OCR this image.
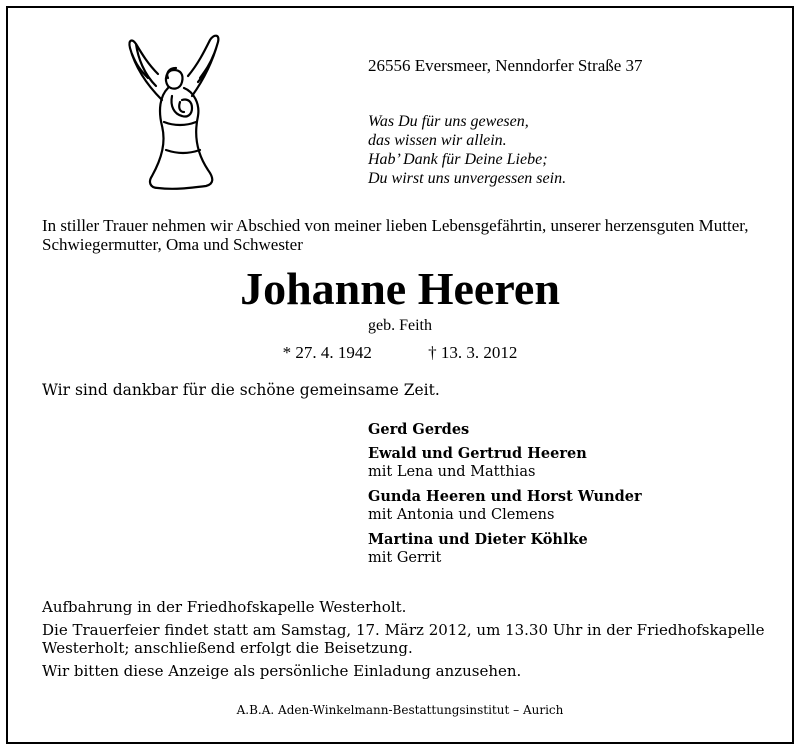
26556 Eversmeer, Nenndorfer Straße 37
Was Du für uns gewesen,
das wissen wir allein.
Hab’ Dank für Deine Liebe;
Du wirst uns unvergessen sein.
In stiller Trauer nehmen wir Abschied von meiner lieben Lebensgefährtin, unserer herzensguten Mutter, Schwiegermutter, Oma und Schwester
Johanne Heeren
geb. Feith
* 27. 4. 1942	† 13. 3. 2012
Wir sind dankbar für die schöne gemeinsame Zeit.
Gerd Gerdes
Ewald und Gertrud Heeren
mit Lena und Matthias
Gunda Heeren und Horst Wunder
mit Antonia und Clemens
Martina und Dieter Köhlke
mit Gerrit

Aufbahrung in der Friedhofskapelle Westerholt.

Die Trauerfeier findet statt am Samstag, 17. März 2012, um 13.30 Uhr in der Friedhofskapelle Westerholt; anschließend erfolgt die Beisetzung.

Wir bitten diese Anzeige als persönliche Einladung anzusehen.

A.B.A. Aden-Winkelmann-Bestattungsinstitut – Aurich
